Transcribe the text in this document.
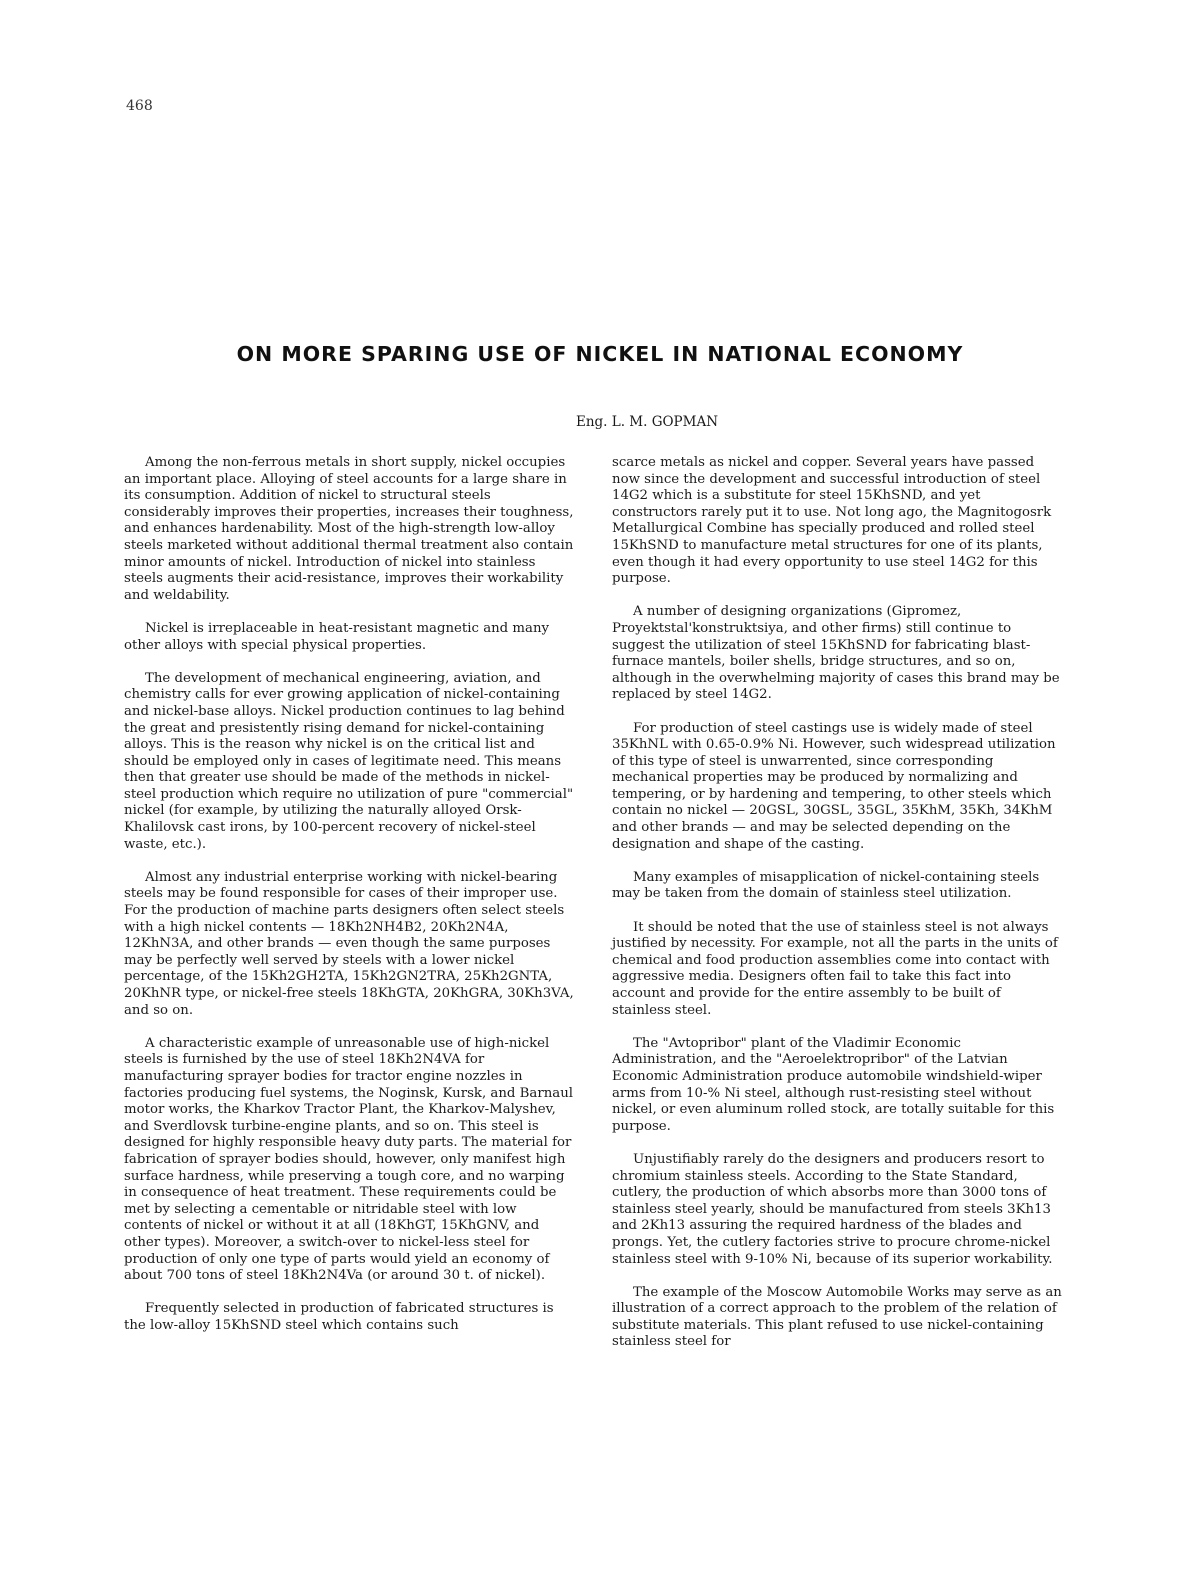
468
ON MORE SPARING USE OF NICKEL IN NATIONAL ECONOMY
Eng. L. M. GOPMAN

Among the non-ferrous metals in short supply, nickel occupies an important place. Alloying of steel accounts for a large share in its consumption. Addition of nickel to structural steels considerably improves their properties, increases their toughness, and enhances hardenability. Most of the high-strength low-alloy steels marketed without additional thermal treatment also contain minor amounts of nickel. Introduction of nickel into stainless steels augments their acid-resistance, improves their workability and weldability.

Nickel is irreplaceable in heat-resistant magnetic and many other alloys with special physical properties.

The development of mechanical engineering, aviation, and chemistry calls for ever growing application of nickel-containing and nickel-base alloys. Nickel production continues to lag behind the great and presistently rising demand for nickel-containing alloys. This is the reason why nickel is on the critical list and should be employed only in cases of legitimate need. This means then that greater use should be made of the methods in nickel-steel production which require no utilization of pure "commercial" nickel (for example, by utilizing the naturally alloyed Orsk-Khalilovsk cast irons, by 100-percent recovery of nickel-steel waste, etc.).

Almost any industrial enterprise working with nickel-bearing steels may be found responsible for cases of their improper use. For the production of machine parts designers often select steels with a high nickel contents — 18Kh2NH4B2, 20Kh2N4A, 12KhN3A, and other brands — even though the same purposes may be perfectly well served by steels with a lower nickel percentage, of the 15Kh2GH2TA, 15Kh2GN2TRA, 25Kh2GNTA, 20KhNR type, or nickel-free steels 18KhGTA, 20KhGRA, 30Kh3VA, and so on.

A characteristic example of unreasonable use of high-nickel steels is furnished by the use of steel 18Kh2N4VA for manufacturing sprayer bodies for tractor engine nozzles in factories producing fuel systems, the Noginsk, Kursk, and Barnaul motor works, the Kharkov Tractor Plant, the Kharkov-Malyshev, and Sverdlovsk turbine-engine plants, and so on. This steel is designed for highly responsible heavy duty parts. The material for fabrication of sprayer bodies should, however, only manifest high surface hardness, while preserving a tough core, and no warping in consequence of heat treatment. These requirements could be met by selecting a cementable or nitridable steel with low contents of nickel or without it at all (18KhGT, 15KhGNV, and other types). Moreover, a switch-over to nickel-less steel for production of only one type of parts would yield an economy of about 700 tons of steel 18Kh2N4Va (or around 30 t. of nickel).

Frequently selected in production of fabricated structures is the low-alloy 15KhSND steel which contains such

scarce metals as nickel and copper. Several years have passed now since the development and successful introduction of steel 14G2 which is a substitute for steel 15KhSND, and yet constructors rarely put it to use. Not long ago, the Magnitogosrk Metallurgical Combine has specially produced and rolled steel 15KhSND to manufacture metal structures for one of its plants, even though it had every opportunity to use steel 14G2 for this purpose.

A number of designing organizations (Gipromez, Proyektstal'konstruktsiya, and other firms) still continue to suggest the utilization of steel 15KhSND for fabricating blast-furnace mantels, boiler shells, bridge structures, and so on, although in the overwhelming majority of cases this brand may be replaced by steel 14G2.

For production of steel castings use is widely made of steel 35KhNL with 0.65-0.9% Ni. However, such widespread utilization of this type of steel is unwarrented, since corresponding mechanical properties may be produced by normalizing and tempering, or by hardening and tempering, to other steels which contain no nickel — 20GSL, 30GSL, 35GL, 35KhM, 35Kh, 34KhM and other brands — and may be selected depending on the designation and shape of the casting.

Many examples of misapplication of nickel-containing steels may be taken from the domain of stainless steel utilization.

It should be noted that the use of stainless steel is not always justified by necessity. For example, not all the parts in the units of chemical and food production assemblies come into contact with aggressive media. Designers often fail to take this fact into account and provide for the entire assembly to be built of stainless steel.

The "Avtopribor" plant of the Vladimir Economic Administration, and the "Aeroelektropribor" of the Latvian Economic Administration produce automobile windshield-wiper arms from 10-% Ni steel, although rust-resisting steel without nickel, or even aluminum rolled stock, are totally suitable for this purpose.

Unjustifiably rarely do the designers and producers resort to chromium stainless steels. According to the State Standard, cutlery, the production of which absorbs more than 3000 tons of stainless steel yearly, should be manufactured from steels 3Kh13 and 2Kh13 assuring the required hardness of the blades and prongs. Yet, the cutlery factories strive to procure chrome-nickel stainless steel with 9-10% Ni, because of its superior workability.

The example of the Moscow Automobile Works may serve as an illustration of a correct approach to the problem of the relation of substitute materials. This plant refused to use nickel-containing stainless steel for
